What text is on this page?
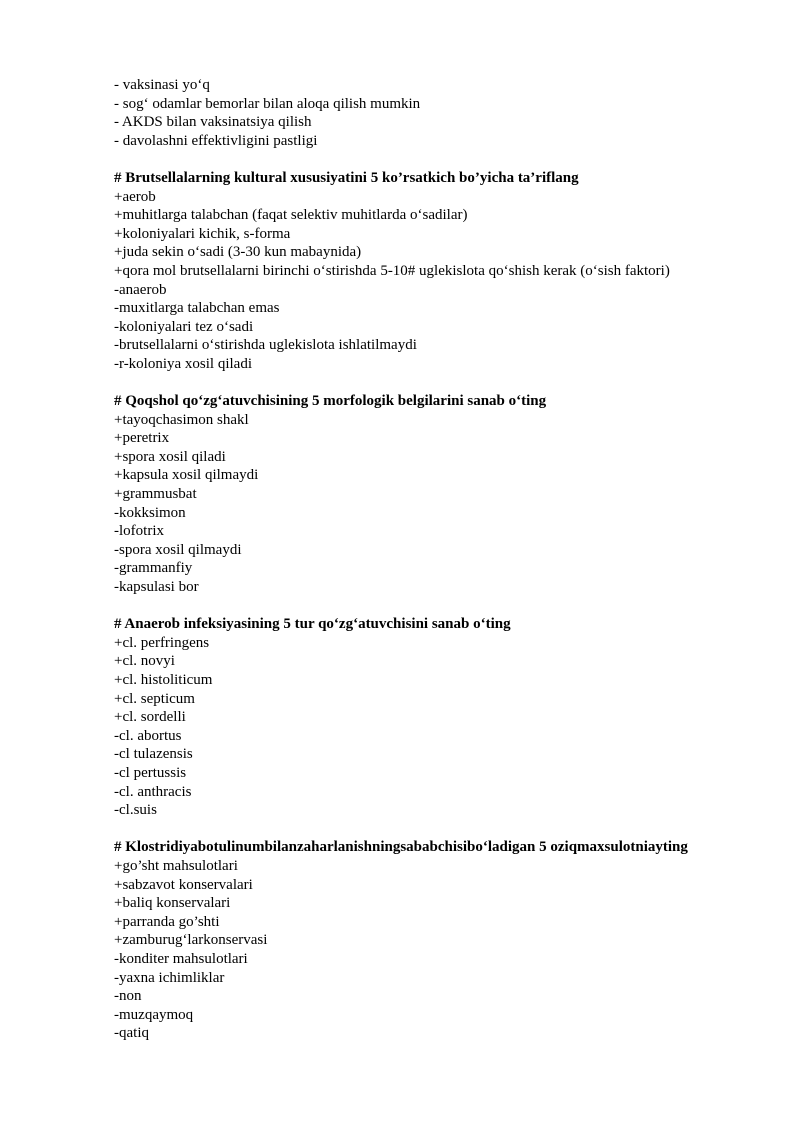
- vaksinasi yo‘q
- sog‘ odamlar bemorlar bilan aloqa qilish mumkin
- AKDS bilan vaksinatsiya qilish
- davolashni effektivligini pastligi
# Brutsellalarning kultural xususiyatini 5 ko’rsatkich bo’yicha ta’riflang
+aerob
+muhitlarga talabchan (faqat selektiv muhitlarda o‘sadilar)
+koloniyalari kichik, s-forma
+juda sekin o‘sadi (3-30 kun mabaynida)
+qora mol brutsellalarni birinchi o‘stirishda 5-10# uglekislota qo‘shish kerak (o‘sish faktori)
-anaerob
-muxitlarga talabchan emas
-koloniyalari tez o‘sadi
-brutsellalarni o‘stirishda uglekislota ishlatilmaydi
-r-koloniya xosil qiladi
# Qoqshol qo‘zg‘atuvchisining 5 morfologik belgilarini sanab o‘ting
+tayoqchasimon shakl
+peretrix
+spora xosil qiladi
+kapsula xosil qilmaydi
+grammusbat
-kokksimon
-lofotrix
-spora xosil qilmaydi
-grammanfiy
-kapsulasi bor
# Anaerob infeksiyasining 5 tur qo‘zg‘atuvchisini sanab o‘ting
+cl. perfringens
+cl. novyi
+cl. histoliticum
+cl. septicum
+cl. sordelli
-cl. abortus
-cl tulazensis
-cl pertussis
-cl. anthracis
-cl.suis
# Klostridiyabotulinumbilanzaharlanishningsababchisibo‘ladigan 5 oziqmaxsulotniayting
+go’sht mahsulotlari
+sabzavot konservalari
+baliq konservalari
+parranda go’shti
+zamburug‘larkonservasi
-konditer mahsulotlari
-yaxna ichimliklar
-non
-muzqaymoq
-qatiq
